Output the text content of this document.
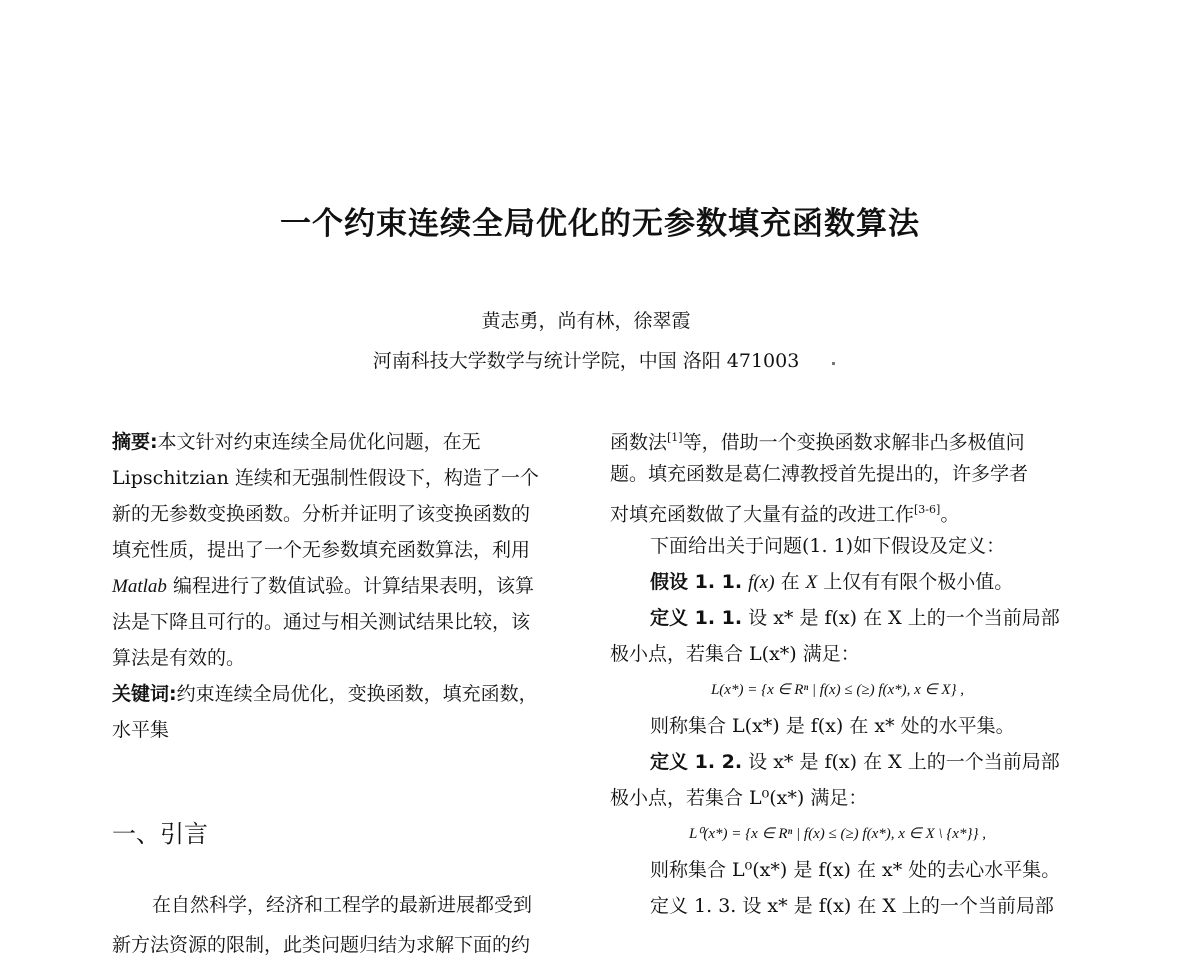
一个约束连续全局优化的无参数填充函数算法
黄志勇，尚有林，徐翠霞
河南科技大学数学与统计学院，中国 洛阳 471003
摘要:本文针对约束连续全局优化问题，在无
Lipschitzian 连续和无强制性假设下，构造了一个
新的无参数变换函数。分析并证明了该变换函数的
填充性质，提出了一个无参数填充函数算法，利用
Matlab 编程进行了数值试验。计算结果表明，该算
法是下降且可行的。通过与相关测试结果比较，该
算法是有效的。
关键词:约束连续全局优化，变换函数，填充函数，
水平集
一、引言
在自然科学，经济和工程学的最新进展都受到
新方法资源的限制，此类问题归结为求解下面的约
函数法[1]等，借助一个变换函数求解非凸多极值问
题。填充函数是葛仁溥教授首先提出的，许多学者
对填充函数做了大量有益的改进工作[3-6]。
下面给出关于问题(1. 1)如下假设及定义：
假设 1. 1. f(x) 在 X 上仅有有限个极小值。
定义 1. 1. 设 x* 是 f(x) 在 X 上的一个当前局部
极小点，若集合 L(x*) 满足：
L(x*) = {x ∈ Rⁿ | f(x) ≤ (≥) f(x*), x ∈ X} ,
则称集合 L(x*) 是 f(x) 在 x* 处的水平集。
定义 1. 2. 设 x* 是 f(x) 在 X 上的一个当前局部
极小点，若集合 L⁰(x*) 满足：
L⁰(x*) = {x ∈ Rⁿ | f(x) ≤ (≥) f(x*), x ∈ X \ {x*}} ,
则称集合 L⁰(x*) 是 f(x) 在 x* 处的去心水平集。
定义 1. 3. 设 x* 是 f(x) 在 X 上的一个当前局部
